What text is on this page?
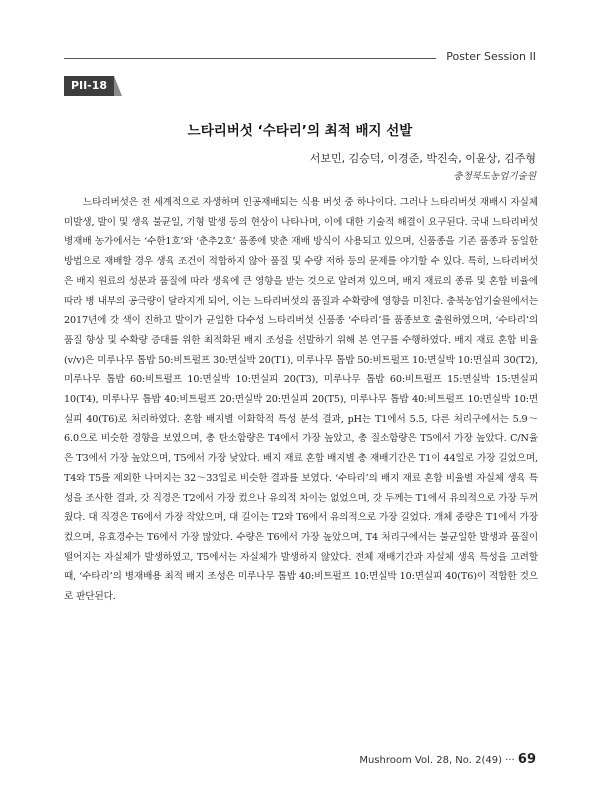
Poster Session II
PII-18
느타리버섯 ‘수타리’의 최적 배지 선발
서보민, 김승덕, 이경준, 박진숙, 이윤상, 김주형
충청북도농업기술원
느타리버섯은 전 세계적으로 자생하며 인공재배되는 식용 버섯 중 하나이다. 그러나 느타리버섯 재배시 자실체 미발생, 발이 및 생육 불균일, 기형 발생 등의 현상이 나타나며, 이에 대한 기술적 해결이 요구된다. 국내 느타리버섯 병재배 농가에서는 ‘수한1호’와 ‘춘추2호’ 품종에 맞춘 재배 방식이 사용되고 있으며, 신품종을 기존 품종과 동일한 방법으로 재배할 경우 생육 조건이 적합하지 않아 품질 및 수량 저하 등의 문제를 야기할 수 있다. 특히, 느타리버섯은 배지 원료의 성분과 품질에 따라 생육에 큰 영향을 받는 것으로 알려져 있으며, 배지 재료의 종류 및 혼합 비율에 따라 병 내부의 공극량이 달라지게 되어, 이는 느타리버섯의 품질과 수확량에 영향을 미친다. 충북농업기술원에서는 2017년에 갓 색이 진하고 발이가 균일한 다수성 느타리버섯 신품종 ‘수타리’를 품종보호 출원하였으며, ‘수타리’의 품질 향상 및 수확량 증대를 위한 최적화된 배지 조성을 선발하기 위해 본 연구를 수행하였다. 배지 재료 혼합 비율(v/v)은 미루나무 톱밥 50:비트펄프 30:면실박 20(T1), 미루나무 톱밥 50:비트펄프 10:면실박 10:면실피 30(T2), 미루나무 톱밥 60:비트펄프 10:면실박 10:면실피 20(T3), 미루나무 톱밥 60:비트펄프 15:면실박 15:면실피 10(T4), 미루나무 톱밥 40:비트펄프 20:면실박 20:면실피 20(T5), 미루나무 톱밥 40:비트펄프 10:면실박 10:면실피 40(T6)로 처리하였다. 혼합 배지별 이화학적 특성 분석 결과, pH는 T1에서 5.5, 다른 처리구에서는 5.9～6.0으로 비슷한 경향을 보였으며, 총 탄소함량은 T4에서 가장 높았고, 총 질소함량은 T5에서 가장 높았다. C/N율은 T3에서 가장 높았으며, T5에서 가장 낮았다. 배지 재료 혼합 배지별 총 재배기간은 T1이 44일로 가장 길었으며, T4와 T5를 제외한 나머지는 32～33일로 비슷한 결과를 보였다. ‘수타리’의 배지 재료 혼합 비율별 자실체 생육 특성을 조사한 결과, 갓 직경은 T2에서 가장 컸으나 유의적 차이는 없었으며, 갓 두께는 T1에서 유의적으로 가장 두꺼웠다. 대 직경은 T6에서 가장 작았으며, 대 길이는 T2와 T6에서 유의적으로 가장 길었다. 개체 중량은 T1에서 가장 컸으며, 유효경수는 T6에서 가장 많았다. 수량은 T6에서 가장 높았으며, T4 처리구에서는 불균일한 발생과 품질이 떨어지는 자실체가 발생하였고, T5에서는 자실체가 발생하지 않았다. 전체 재배기간과 자실체 생육 특성을 고려할 때, ‘수타리’의 병재배용 최적 배지 조성은 미루나무 톱밥 40:비트펄프 10:면실박 10:면실피 40(T6)이 적합한 것으로 판단된다.
Mushroom Vol. 28, No. 2(49) ··· 69
